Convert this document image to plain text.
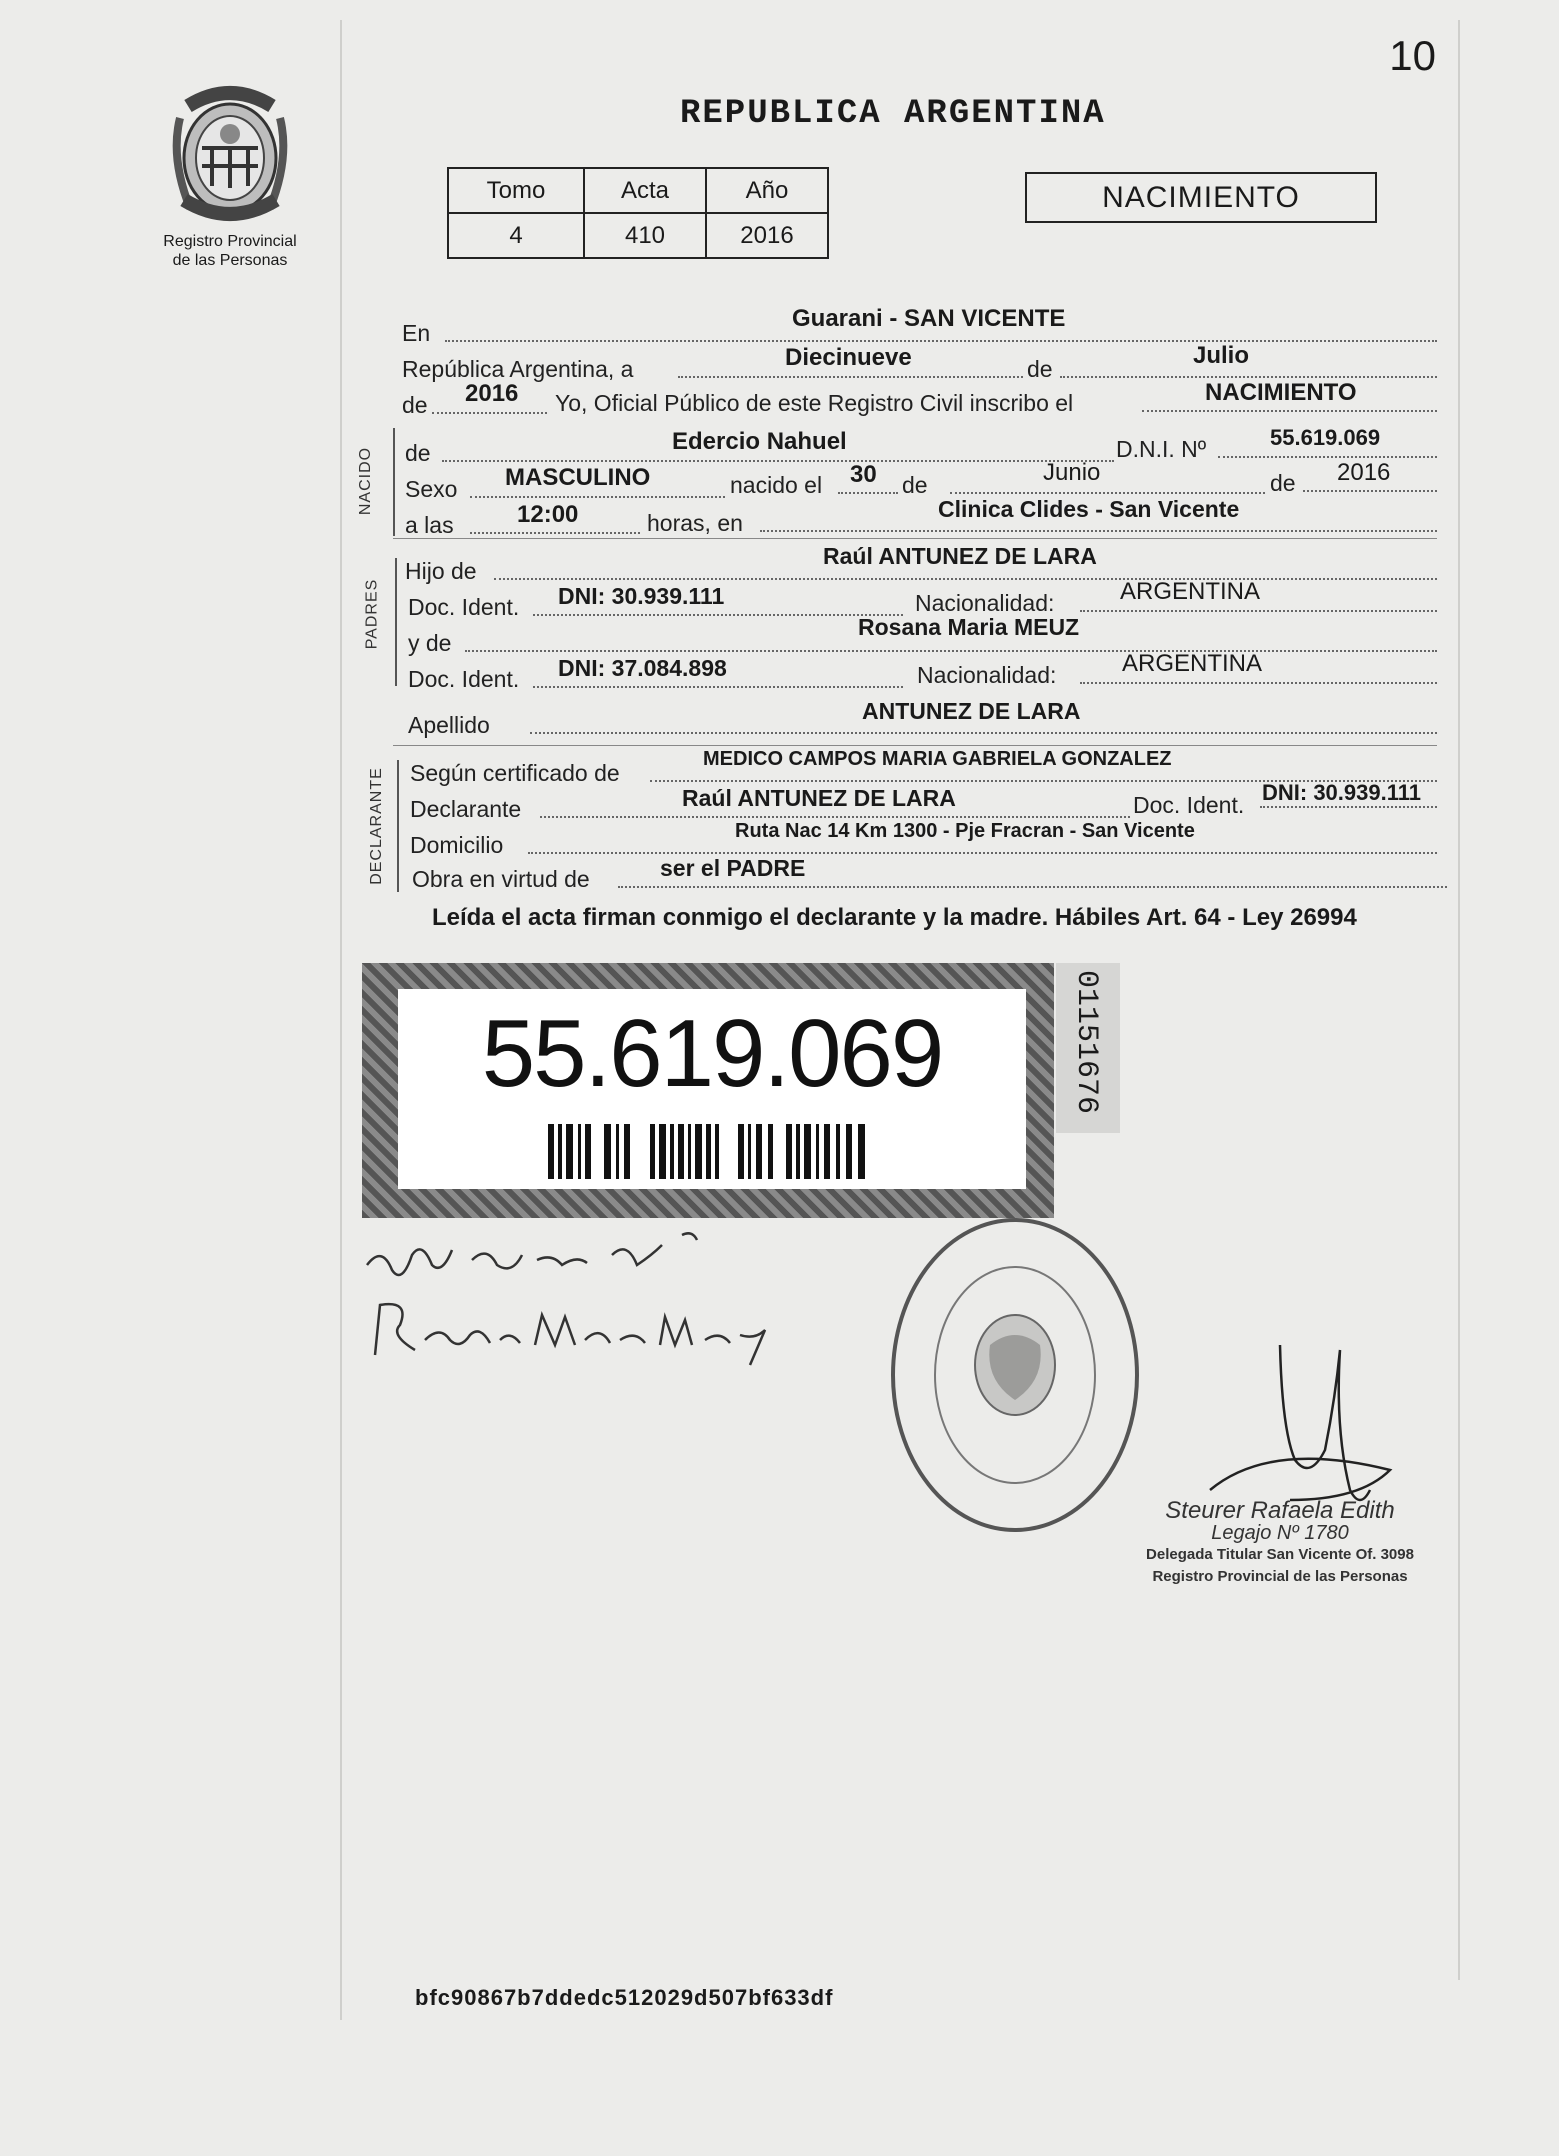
10
Registro Provincial
de las Personas
REPUBLICA ARGENTINA
Tomo	Acta	Año
4	410	2016
NACIMIENTO
En
Guarani - SAN VICENTE
República Argentina, a	Diecinueve	de	Julio
de 2016 Yo, Oficial Público de este Registro Civil inscribo el	NACIMIENTO
NACIDO de	Edercio Nahuel	D.N.I. Nº	55.619.069
Sexo MASCULINO	nacido el 30 de	Junio	de 2016
a las	12:00	horas, en
Clinica Clides - San Vicente
PADRES
Hijo de
Raúl ANTUNEZ DE LARA
Doc. Ident. DNI: 30.939.111	Nacionalidad:	ARGENTINA
y de
Rosana Maria MEUZ
Doc. Ident. DNI: 37.084.898	Nacionalidad:	ARGENTINA
Apellido
ANTUNEZ DE LARA
DECLARANTE Según certificado de
MEDICO CAMPOS MARIA GABRIELA GONZALEZ
Declarante	Raúl ANTUNEZ DE LARA	Doc. Ident. DNI: 30.939.111
Domicilio
Ruta Nac 14 Km 1300 - Pje Fracran - San Vicente
Obra en virtud de	ser el PADRE
Leída el acta firman conmigo el declarante y la madre. Hábiles Art. 64 - Ley 26994
55.619.069	01151676
Steurer Rafaela Edith
Legajo Nº 1780
Delegada Titular San Vicente Of. 3098
Registro Provincial de las Personas
bfc90867b7ddedc512029d507bf633df
